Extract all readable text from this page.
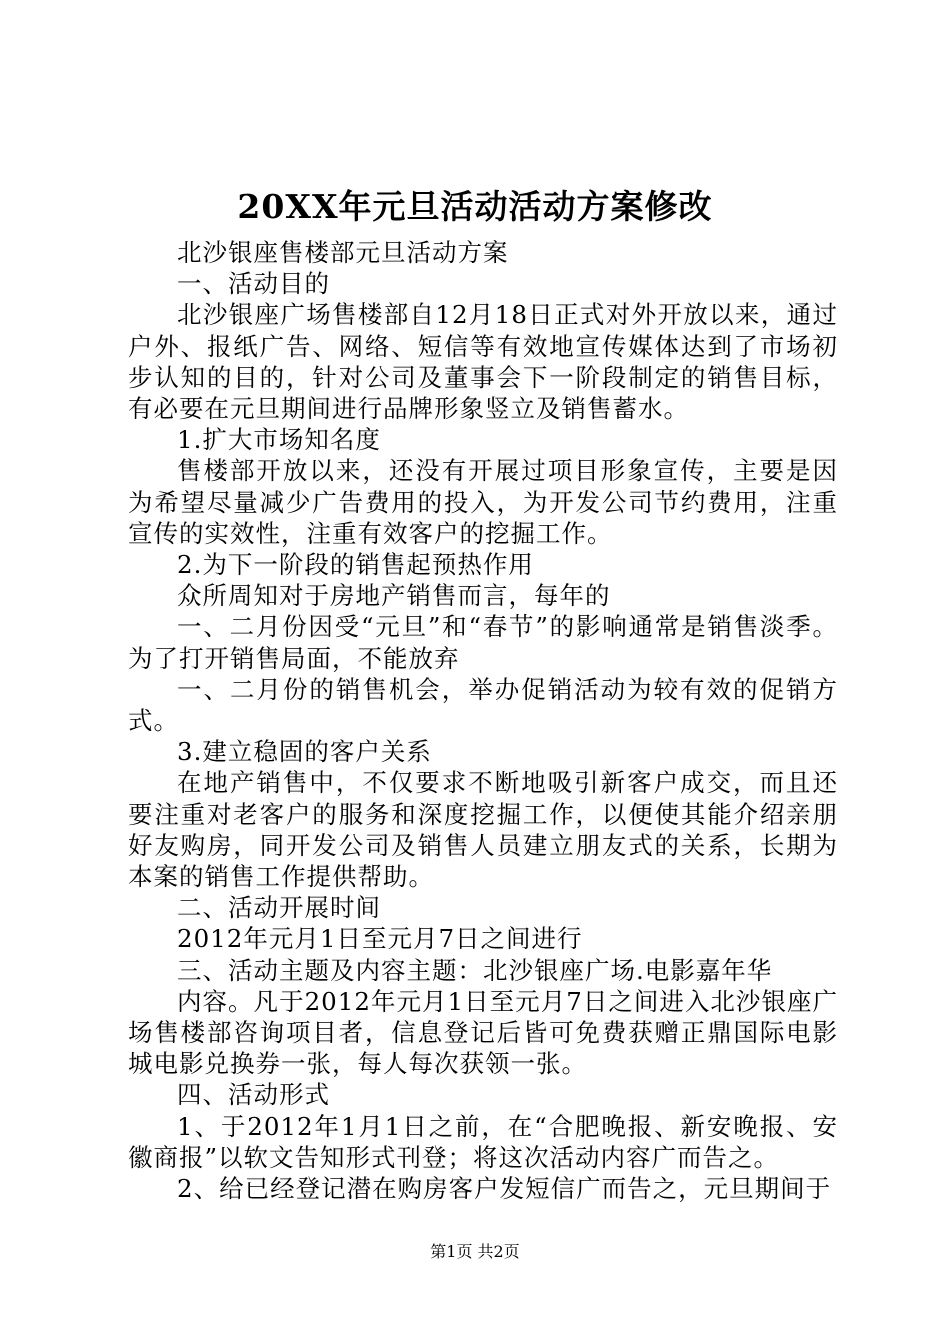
20XX年元旦活动活动方案修改

北沙银座售楼部元旦活动方案

一、活动目的

北沙银座广场售楼部自12月18日正式对外开放以来，通过户外、报纸广告、网络、短信等有效地宣传媒体达到了市场初步认知的目的，针对公司及董事会下一阶段制定的销售目标，有必要在元旦期间进行品牌形象竖立及销售蓄水。

1.扩大市场知名度

售楼部开放以来，还没有开展过项目形象宣传，主要是因为希望尽量减少广告费用的投入，为开发公司节约费用，注重宣传的实效性，注重有效客户的挖掘工作。

2.为下一阶段的销售起预热作用

众所周知对于房地产销售而言，每年的

一、二月份因受“元旦”和“春节”的影响通常是销售淡季。为了打开销售局面，不能放弃

一、二月份的销售机会，举办促销活动为较有效的促销方式。

3.建立稳固的客户关系

在地产销售中，不仅要求不断地吸引新客户成交，而且还要注重对老客户的服务和深度挖掘工作，以便使其能介绍亲朋好友购房，同开发公司及销售人员建立朋友式的关系，长期为本案的销售工作提供帮助。

二、活动开展时间

2012年元月1日至元月7日之间进行

三、活动主题及内容主题：北沙银座广场.电影嘉年华

内容。凡于2012年元月1日至元月7日之间进入北沙银座广场售楼部咨询项目者，信息登记后皆可免费获赠正鼎国际电影城电影兑换券一张，每人每次获领一张。

四、活动形式

1、于2012年1月1日之前，在“合肥晚报、新安晚报、安徽商报”以软文告知形式刊登；将这次活动内容广而告之。

2、给已经登记潜在购房客户发短信广而告之，元旦期间于

第1页 共2页
